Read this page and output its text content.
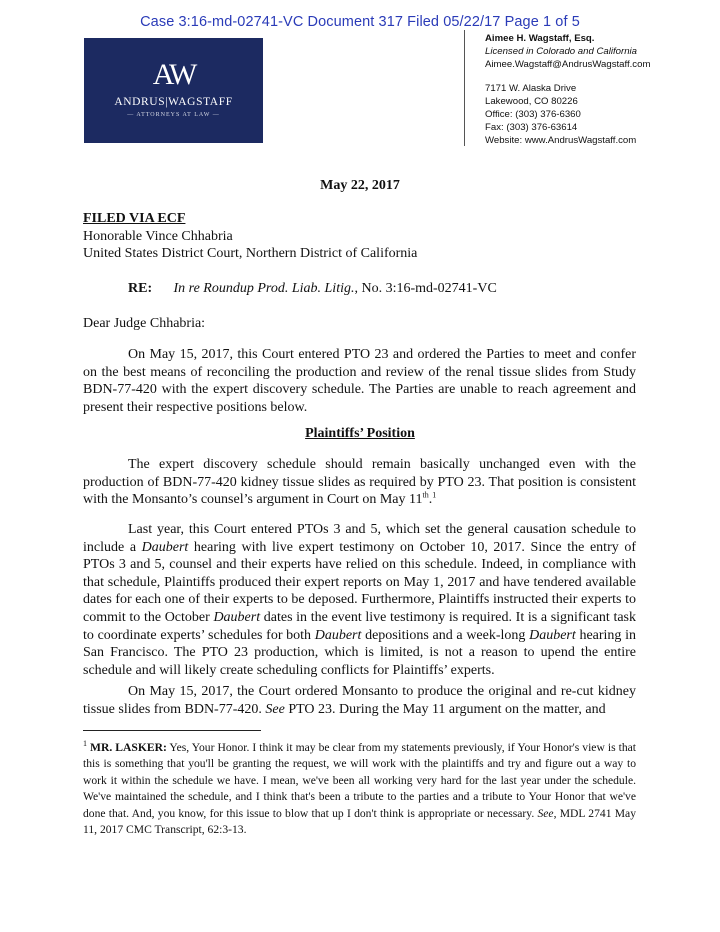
Case 3:16-md-02741-VC Document 317 Filed 05/22/17 Page 1 of 5
AW
ANDRUS|WAGSTAFF
— ATTORNEYS AT LAW —
Aimee H. Wagstaff, Esq.
Licensed in Colorado and California
Aimee.Wagstaff@AndrusWagstaff.com
7171 W. Alaska Drive
Lakewood, CO 80226
Office: (303) 376-6360
Fax: (303) 376-63614
Website: www.AndrusWagstaff.com
May 22, 2017
FILED VIA ECF
Honorable Vince Chhabria
United States District Court, Northern District of California
RE: In re Roundup Prod. Liab. Litig., No. 3:16-md-02741-VC
Dear Judge Chhabria:

On May 15, 2017, this Court entered PTO 23 and ordered the Parties to meet and confer on the best means of reconciling the production and review of the renal tissue slides from Study BDN-77-420 with the expert discovery schedule. The Parties are unable to reach agreement and present their respective positions below.

Plaintiffs’ Position

The expert discovery schedule should remain basically unchanged even with the production of BDN-77-420 kidney tissue slides as required by PTO 23. That position is consistent with the Monsanto’s counsel’s argument in Court on May 11th.$^1$

Last year, this Court entered PTOs 3 and 5, which set the general causation schedule to include a Daubert hearing with live expert testimony on October 10, 2017. Since the entry of PTOs 3 and 5, counsel and their experts have relied on this schedule. Indeed, in compliance with that schedule, Plaintiffs produced their expert reports on May 1, 2017 and have tendered available dates for each one of their experts to be deposed. Furthermore, Plaintiffs instructed their experts to commit to the October Daubert dates in the event live testimony is required. It is a significant task to coordinate experts’ schedules for both Daubert depositions and a week-long Daubert hearing in San Francisco. The PTO 23 production, which is limited, is not a reason to upend the entire schedule and will likely create scheduling conflicts for Plaintiffs’ experts.

On May 15, 2017, the Court ordered Monsanto to produce the original and re-cut kidney tissue slides from BDN-77-420. See PTO 23. During the May 11 argument on the matter, and

$^1$ MR. LASKER: Yes, Your Honor. I think it may be clear from my statements previously, if Your Honor's view is that this is something that you'll be granting the request, we will work with the plaintiffs and try and figure out a way to work it within the schedule we have. I mean, we've been all working very hard for the last year under the schedule. We've maintained the schedule, and I think that's been a tribute to the parties and a tribute to Your Honor that we've done that. And, you know, for this issue to blow that up I don't think is appropriate or necessary. See, MDL 2741 May 11, 2017 CMC Transcript, 62:3-13.
